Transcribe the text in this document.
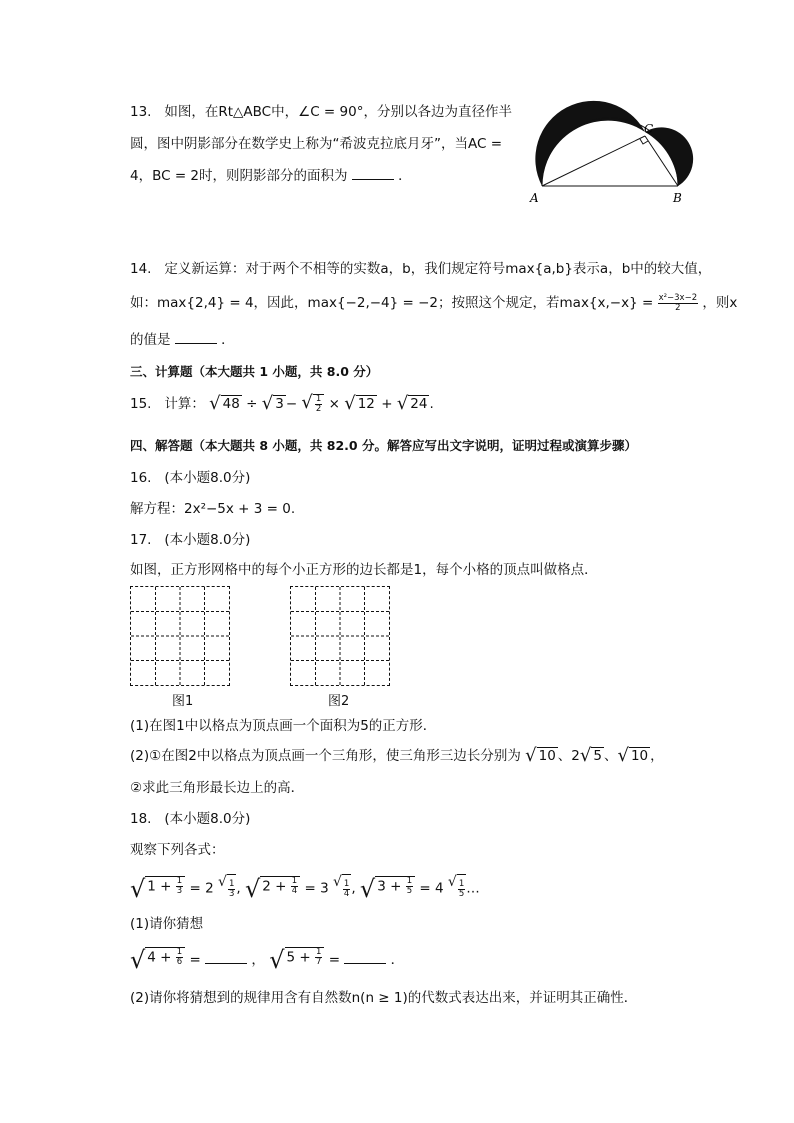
13. 如图，在Rt△ABC中，∠C = 90°，分别以各边为直径作半
圆，图中阴影部分在数学史上称为“希波克拉底月牙”，当AC =
4，BC = 2时，则阴影部分的面积为	．
A	B
C
14. 定义新运算：对于两个不相等的实数a，b，我们规定符号max{a,b}表示a，b中的较大值，
如：max{2,4} = 4，因此，max{−2,−4} = −2；按照这个规定，若$\max\{x,-x\} = \frac{\text{x²−3x−2}}{2}$ ，则x
的值是	．
三、计算题（本大题共 1 小题，共 8.0 分）
15. 计算： √ 48 ÷ √ 3 − √ $\frac{1}{2}$ × √ 12 + √ 24 .
四、解答题（本大题共 8 小题，共 82.0 分。解答应写出文字说明，证明过程或演算步骤）
16. (本小题8.0分)
解方程：2x²−5x + 3 = 0.
17. (本小题8.0分)
如图，正方形网格中的每个小正方形的边长都是1，每个小格的顶点叫做格点．
图1	图2
(1)在图1中以格点为顶点画一个面积为5的正方形．
(2)①在图2中以格点为顶点画一个三角形，使三角形三边长分别为 √ 10 、2 √ 5 、 √ 10 ，
②求此三角形最长边上的高．
18. (本小题8.0分)
观察下列各式：
√ $1 + \frac{1}{3} = 2$ √ $\frac{1}{3}$ , √ $2 + \frac{1}{4} = 3$ √ $\frac{1}{4}$ , √ $3 + \frac{1}{5} = 4$ √ $\frac{1}{5}$ …
(1)请你猜想
√ $4 + \frac{1}{6}$ =	， √ $5 + \frac{1}{7}$ =	．
(2)请你将猜想到的规律用含有自然数n(n ≥ 1)的代数式表达出来，并证明其正确性．
